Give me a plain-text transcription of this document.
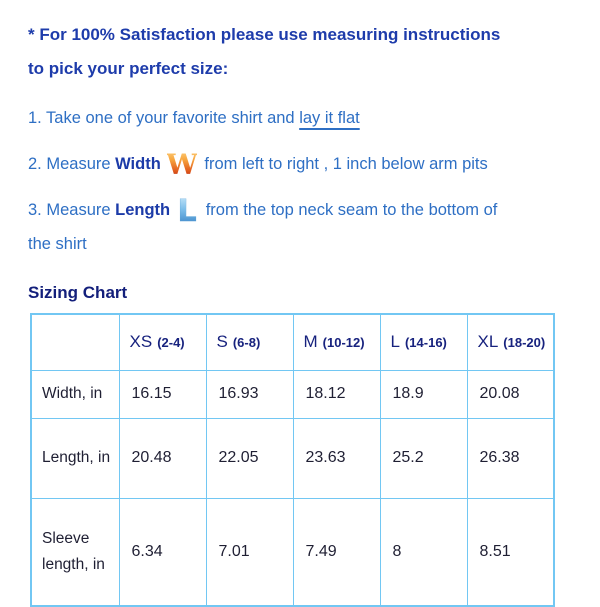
* For 100% Satisfaction please use measuring instructions
to pick your perfect size:

1. Take one of your favorite shirt and lay it flat

2. Measure Width W from left to right , 1 inch below arm pits

3. Measure Length L from the top neck seam to the bottom of
the shirt

Sizing Chart
	XS (2-4)	S (6-8)	M (10-12)	L (14-16)	XL (18-20)
Width, in	16.15	16.93	18.12	18.9	20.08
Length, in	20.48	22.05	23.63	25.2	26.38
Sleeve length, in	6.34	7.01	7.49	8	8.51
